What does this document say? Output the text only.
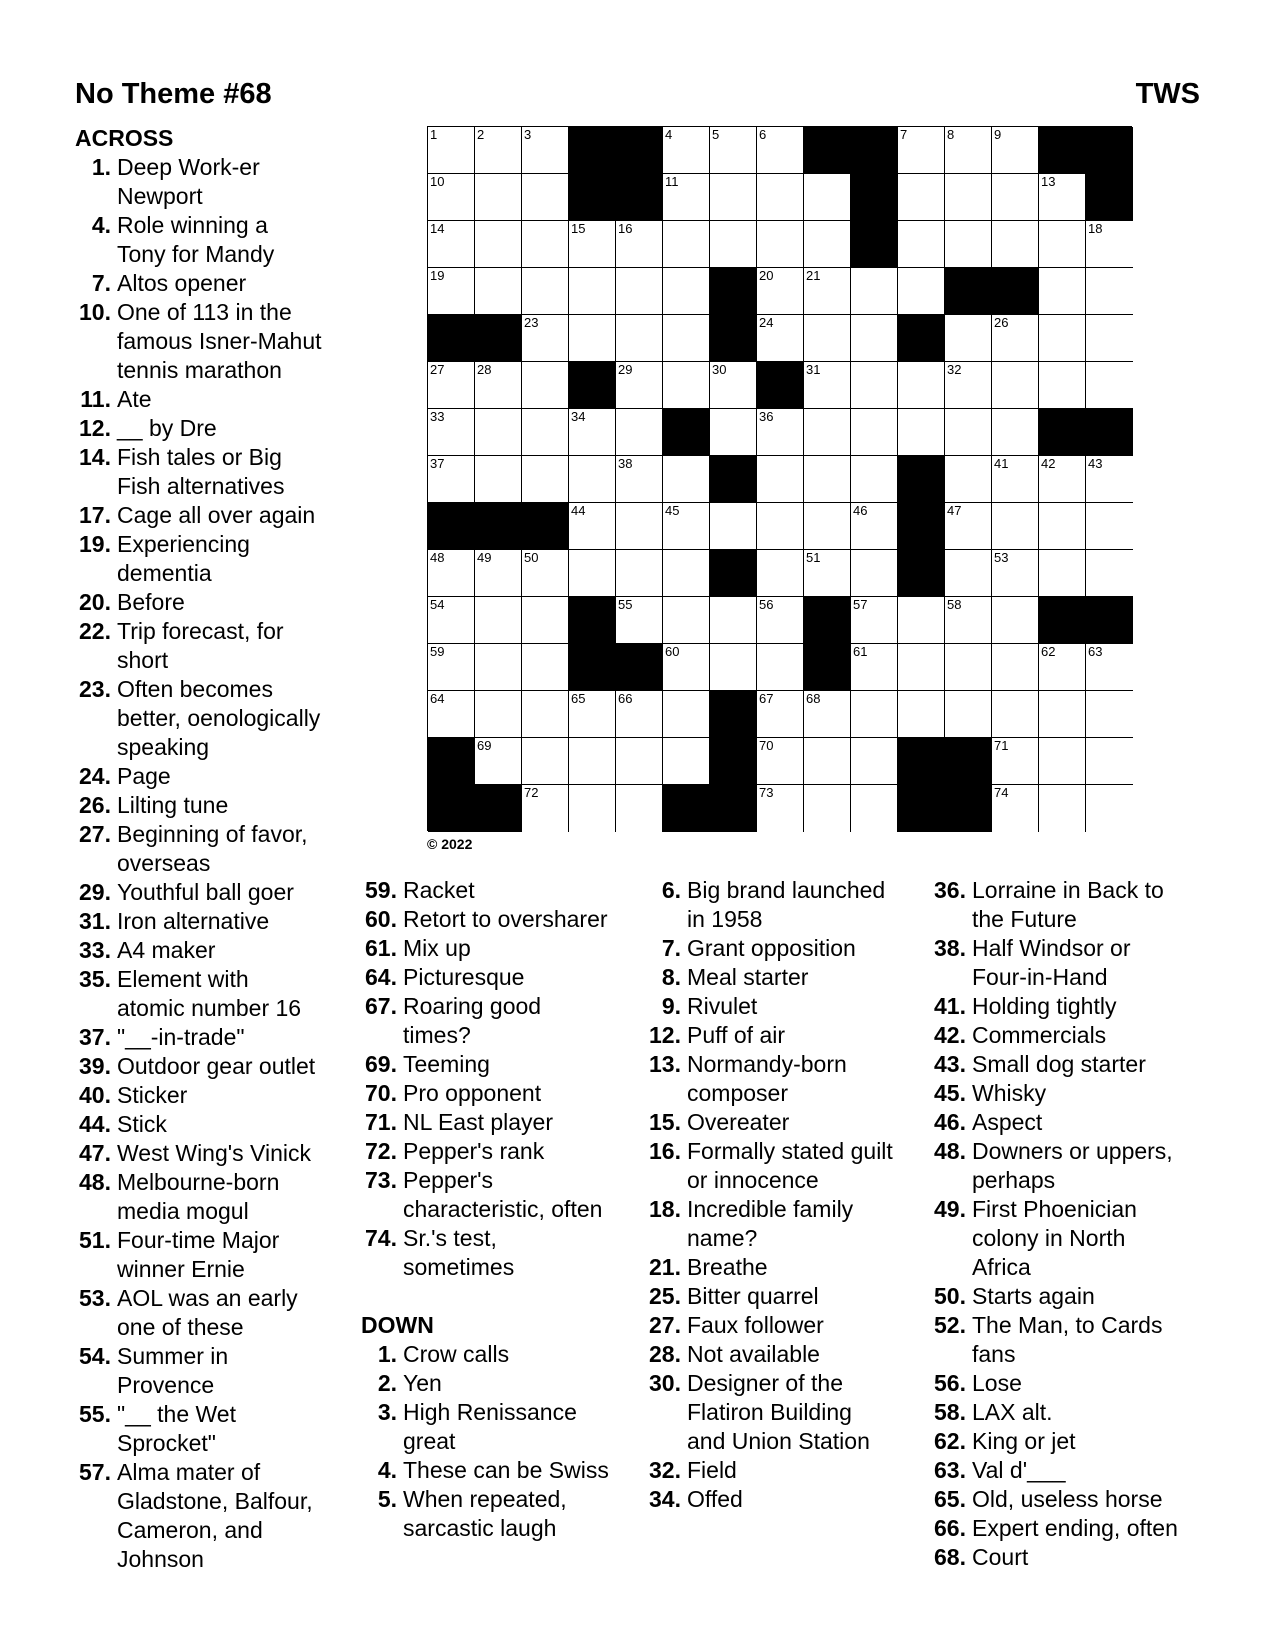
No Theme #68	TWS
1	2	3	4	5	6	7	8	9
10	11	12	13
14	15	16	17	18
19	20	21	22
23	24	25	26
27	28	29	30	31	32
33	34	35	36
37	38	39	40	41	42	43
44	45	46	47
48	49	50	51	52	53
54	55	56	57	58
59	60	61	62	63
64	65	66	67	68
69	70	71
72	73	74
© 2022
ACROSS
1. Deep Work-er
Newport
4. Role winning a
Tony for Mandy
7. Altos opener
10. One of 113 in the
famous Isner-Mahut
tennis marathon
11. Ate
12. __ by Dre
14. Fish tales or Big
Fish alternatives
17. Cage all over again
19. Experiencing
dementia
20. Before
22. Trip forecast, for
short
23. Often becomes
better, oenologically
speaking
24. Page
26. Lilting tune
27. Beginning of favor,
overseas
29. Youthful ball goer
31. Iron alternative
33. A4 maker
35. Element with
atomic number 16
37. "__-in-trade"
39. Outdoor gear outlet
40. Sticker
44. Stick
47. West Wing's Vinick
48. Melbourne-born
media mogul
51. Four-time Major
winner Ernie
53. AOL was an early
one of these
54. Summer in
Provence
55. "__ the Wet
Sprocket"
57. Alma mater of
Gladstone, Balfour,
Cameron, and
Johnson
59. Racket
60. Retort to oversharer
61. Mix up
64. Picturesque
67. Roaring good
times?
69. Teeming
70. Pro opponent
71. NL East player
72. Pepper's rank
73. Pepper's
characteristic, often
74. Sr.'s test,
sometimes
DOWN
1. Crow calls
2. Yen
3. High Renissance
great
4. These can be Swiss
5. When repeated,
sarcastic laugh
6. Big brand launched
in 1958
7. Grant opposition
8. Meal starter
9. Rivulet
12. Puff of air
13. Normandy-born
composer
15. Overeater
16. Formally stated guilt
or innocence
18. Incredible family
name?
21. Breathe
25. Bitter quarrel
27. Faux follower
28. Not available
30. Designer of the
Flatiron Building
and Union Station
32. Field
34. Offed
36. Lorraine in Back to
the Future
38. Half Windsor or
Four-in-Hand
41. Holding tightly
42. Commercials
43. Small dog starter
45. Whisky
46. Aspect
48. Downers or uppers,
perhaps
49. First Phoenician
colony in North
Africa
50. Starts again
52. The Man, to Cards
fans
56. Lose
58. LAX alt.
62. King or jet
63. Val d'___
65. Old, useless horse
66. Expert ending, often
68. Court
